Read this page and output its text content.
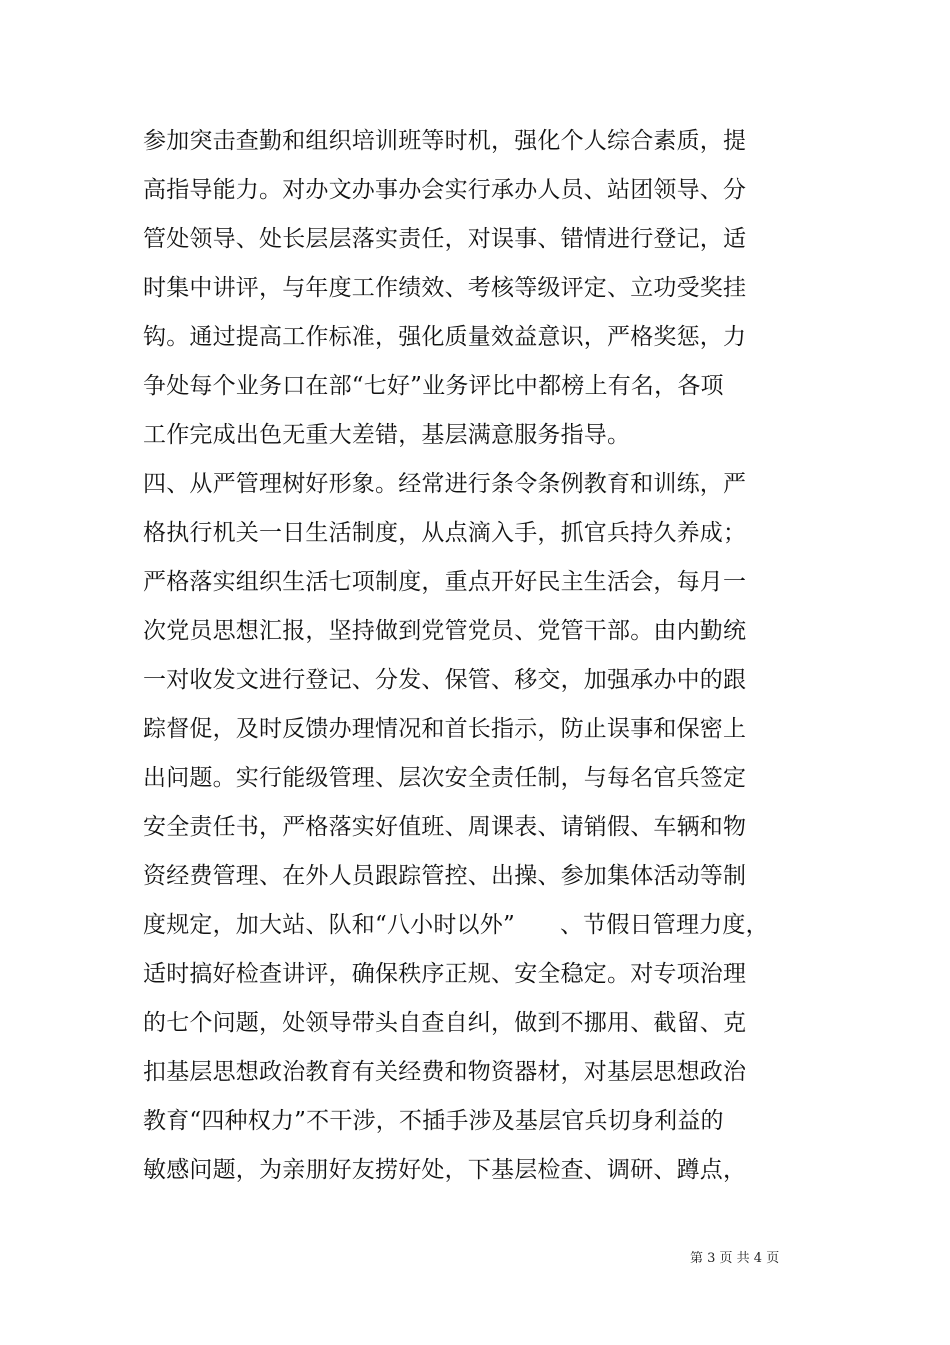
参加突击查勤和组织培训班等时机，强化个人综合素质，提
高指导能力。对办文办事办会实行承办人员、站团领导、分
管处领导、处长层层落实责任，对误事、错情进行登记，适
时集中讲评，与年度工作绩效、考核等级评定、立功受奖挂
钩。通过提高工作标准，强化质量效益意识，严格奖惩，力
争处每个业务口在部“七好”业务评比中都榜上有名，各项
工作完成出色无重大差错，基层满意服务指导。
四、从严管理树好形象。经常进行条令条例教育和训练，严
格执行机关一日生活制度，从点滴入手，抓官兵持久养成；
严格落实组织生活七项制度，重点开好民主生活会，每月一
次党员思想汇报，坚持做到党管党员、党管干部。由内勤统
一对收发文进行登记、分发、保管、移交，加强承办中的跟
踪督促，及时反馈办理情况和首长指示，防止误事和保密上
出问题。实行能级管理、层次安全责任制，与每名官兵签定
安全责任书，严格落实好值班、周课表、请销假、车辆和物
资经费管理、在外人员跟踪管控、出操、参加集体活动等制
度规定，加大站、队和“八小时以外”      、节假日管理力度，
适时搞好检查讲评，确保秩序正规、安全稳定。对专项治理
的七个问题，处领导带头自查自纠，做到不挪用、截留、克
扣基层思想政治教育有关经费和物资器材，对基层思想政治
教育“四种权力”不干涉，不插手涉及基层官兵切身利益的
敏感问题，为亲朋好友捞好处，下基层检查、调研、蹲点，
第 3 页 共 4 页
